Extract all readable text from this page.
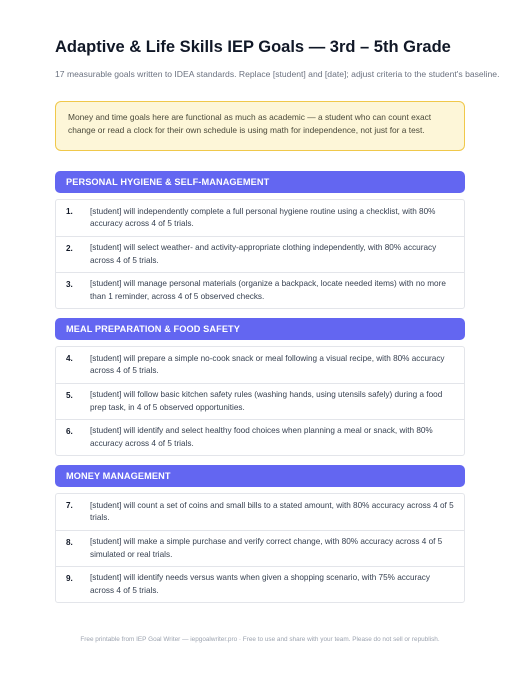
Adaptive & Life Skills IEP Goals — 3rd – 5th Grade
17 measurable goals written to IDEA standards. Replace [student] and [date]; adjust criteria to the student's baseline.
Money and time goals here are functional as much as academic — a student who can count exact change or read a clock for their own schedule is using math for independence, not just for a test.
PERSONAL HYGIENE & SELF-MANAGEMENT
1.	[student] will independently complete a full personal hygiene routine using a checklist, with 80% accuracy across 4 of 5 trials.
2.	[student] will select weather- and activity-appropriate clothing independently, with 80% accuracy across 4 of 5 trials.
3.	[student] will manage personal materials (organize a backpack, locate needed items) with no more than 1 reminder, across 4 of 5 observed checks.
MEAL PREPARATION & FOOD SAFETY
4.	[student] will prepare a simple no-cook snack or meal following a visual recipe, with 80% accuracy across 4 of 5 trials.
5.	[student] will follow basic kitchen safety rules (washing hands, using utensils safely) during a food prep task, in 4 of 5 observed opportunities.
6.	[student] will identify and select healthy food choices when planning a meal or snack, with 80% accuracy across 4 of 5 trials.
MONEY MANAGEMENT
7.	[student] will count a set of coins and small bills to a stated amount, with 80% accuracy across 4 of 5 trials.
8.	[student] will make a simple purchase and verify correct change, with 80% accuracy across 4 of 5 simulated or real trials.
9.	[student] will identify needs versus wants when given a shopping scenario, with 75% accuracy across 4 of 5 trials.
Free printable from IEP Goal Writer — iepgoalwriter.pro · Free to use and share with your team. Please do not sell or republish.
